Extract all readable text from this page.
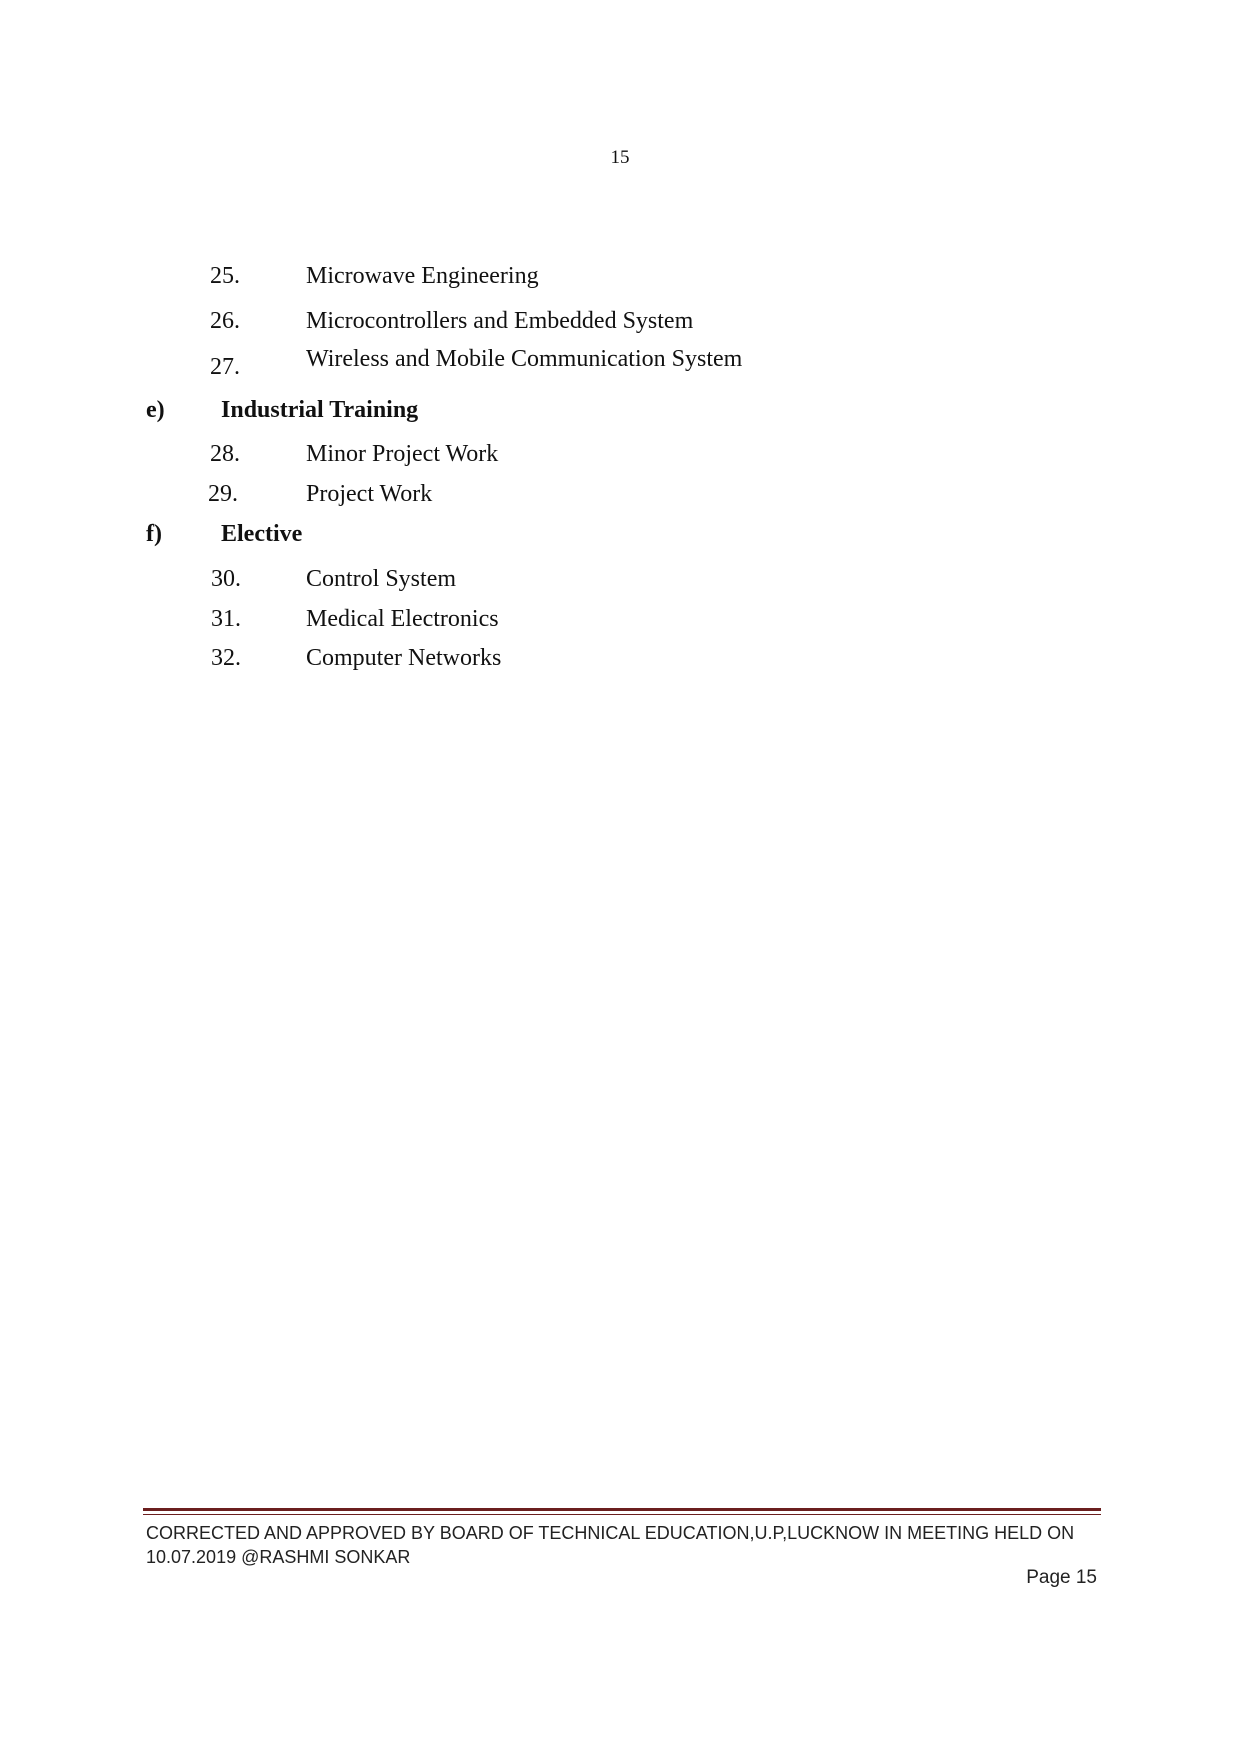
15
25.	Microwave Engineering
26.	Microcontrollers and Embedded System
27.	Wireless and Mobile Communication System
e) Industrial Training
28.	Minor Project Work
29.	Project Work
f) Elective
30.	Control System
31.	Medical Electronics
32.	Computer Networks
CORRECTED AND APPROVED BY BOARD OF TECHNICAL EDUCATION,U.P,LUCKNOW IN MEETING HELD ON
10.07.2019 @RASHMI SONKAR
Page 15
